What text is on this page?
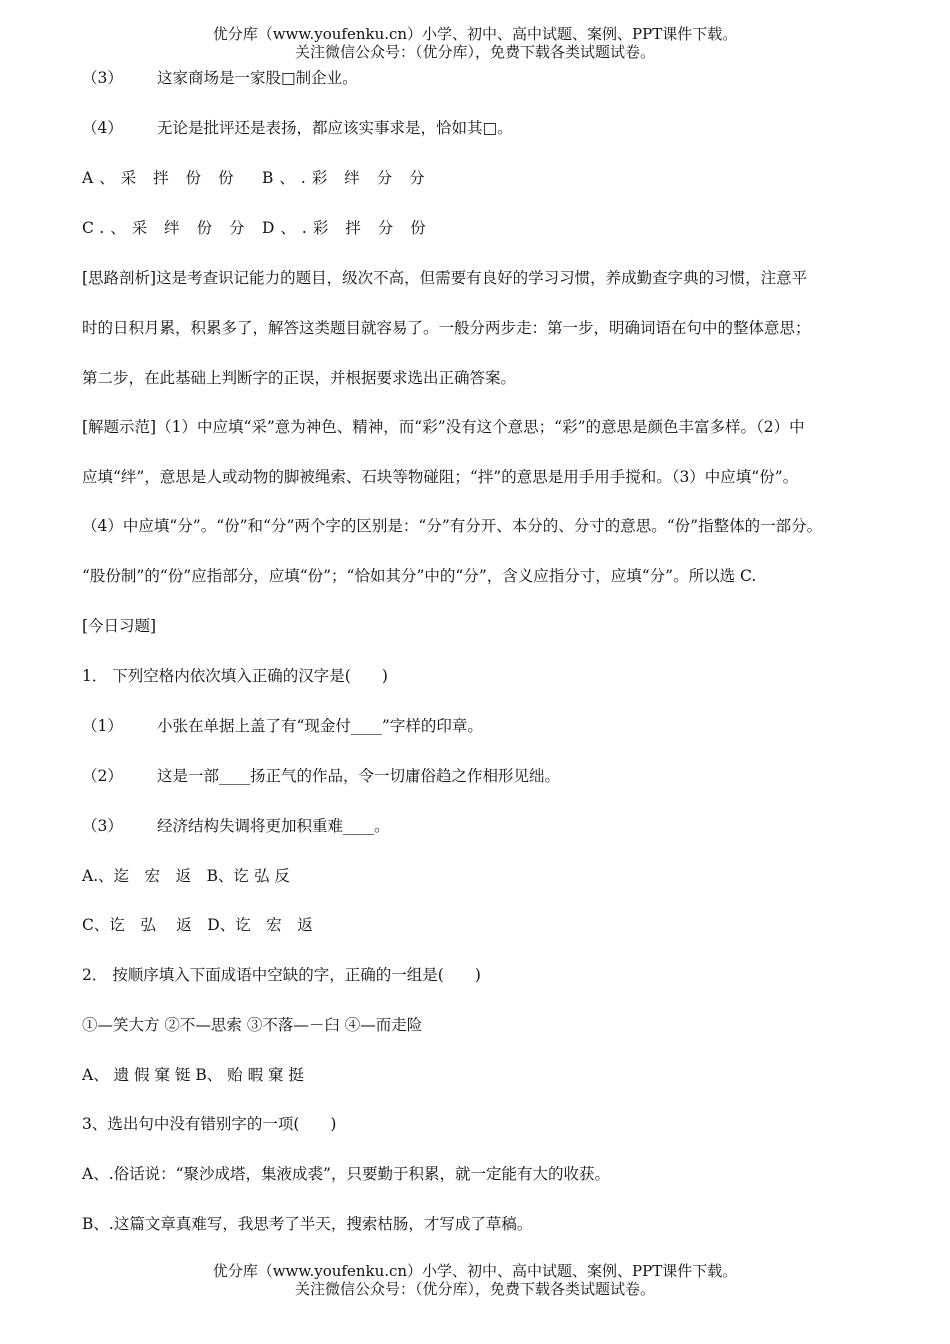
优分库（www.youfenku.cn）小学、初中、高中试题、案例、PPT课件下载。
关注微信公众号：（优分库），免费下载各类试题试卷。
（3） 这家商场是一家股□制企业。
（4） 无论是批评还是表扬，都应该实事求是，恰如其□。
A、采 拌 份 份 B、.彩 绊 分 分
C.、采 绊 份 分 D、.彩 拌 分 份
[思路剖析]这是考查识记能力的题目，级次不高，但需要有良好的学习习惯，养成勤查字典的习惯，注意平
时的日积月累，积累多了，解答这类题目就容易了。一般分两步走：第一步，明确词语在句中的整体意思；
第二步，在此基础上判断字的正误，并根据要求选出正确答案。
[解题示范]（1）中应填“采”意为神色、精神，而“彩”没有这个意思；“彩”的意思是颜色丰富多样。（2）中
应填“绊”，意思是人或动物的脚被绳索、石块等物碰阻；“拌”的意思是用手用手搅和。（3）中应填“份”。
（4）中应填“分”。“份”和“分”两个字的区别是：“分”有分开、本分的、分寸的意思。“份”指整体的一部分。
“股份制”的“份”应指部分，应填“份”；“恰如其分”中的“分”，含义应指分寸，应填“分”。所以选 C.
[今日习题]
1． 下列空格内依次填入正确的汉字是(　　)
（1） 小张在单据上盖了有“现金付____”字样的印章。
（2） 这是一部____扬正气的作品，令一切庸俗趋之作相形见绌。
（3） 经济结构失调将更加积重难____。
A.、迄　宏　返　B、讫 弘 反
C、讫　弘　 返　D、讫　宏　返
2． 按顺序填入下面成语中空缺的字，正确的一组是(　　)
①—笑大方 ②不—思索 ③不落—－臼 ④—而走险
A、 遗 假 窠 铤 B、 贻 暇 窠 挺
3、选出句中没有错别字的一项(　　)
A、.俗话说：“聚沙成塔，集液成裘”，只要勤于积累，就一定能有大的收获。
B、.这篇文章真难写，我思考了半天，搜索枯肠，才写成了草稿。
优分库（www.youfenku.cn）小学、初中、高中试题、案例、PPT课件下载。
关注微信公众号：（优分库），免费下载各类试题试卷。
